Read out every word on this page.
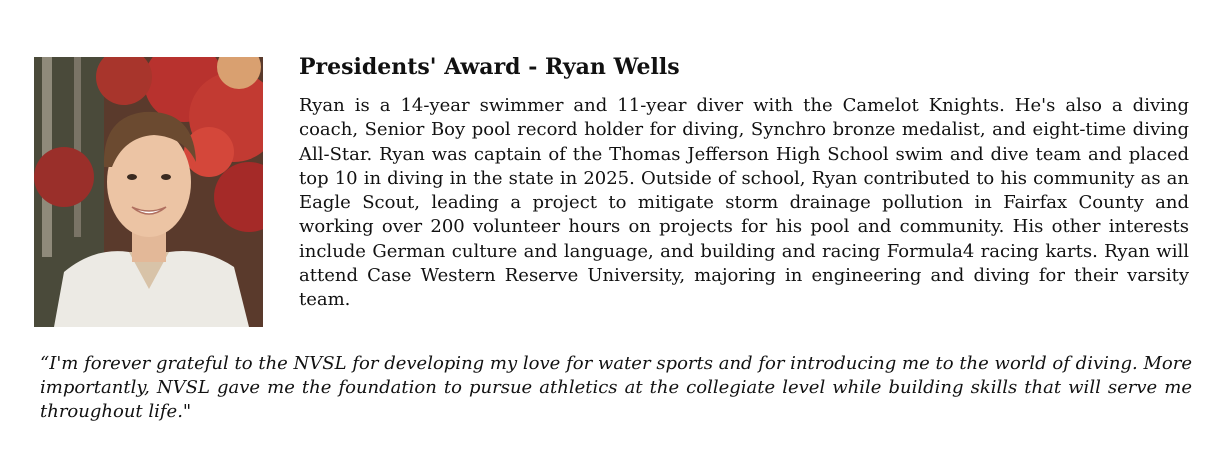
Presidents' Award - Ryan Wells

Ryan is a 14-year swimmer and 11-year diver with the Camelot Knights. He's also a diving coach, Senior Boy pool record holder for diving, Synchro bronze medalist, and eight-time diving All-Star. Ryan was captain of the Thomas Jefferson High School swim and dive team and placed top 10 in diving in the state in 2025. Outside of school, Ryan contributed to his community as an Eagle Scout, leading a project to mitigate storm drainage pollution in Fairfax County and working over 200 volunteer hours on projects for his pool and community. His other interests include German culture and language, and building and racing Formula4 racing karts. Ryan will attend Case Western Reserve University, majoring in engineering and diving for their varsity team.

“I'm forever grateful to the NVSL for developing my love for water sports and for introducing me to the world of diving. More importantly, NVSL gave me the foundation to pursue athletics at the collegiate level while building skills that will serve me throughout life."
